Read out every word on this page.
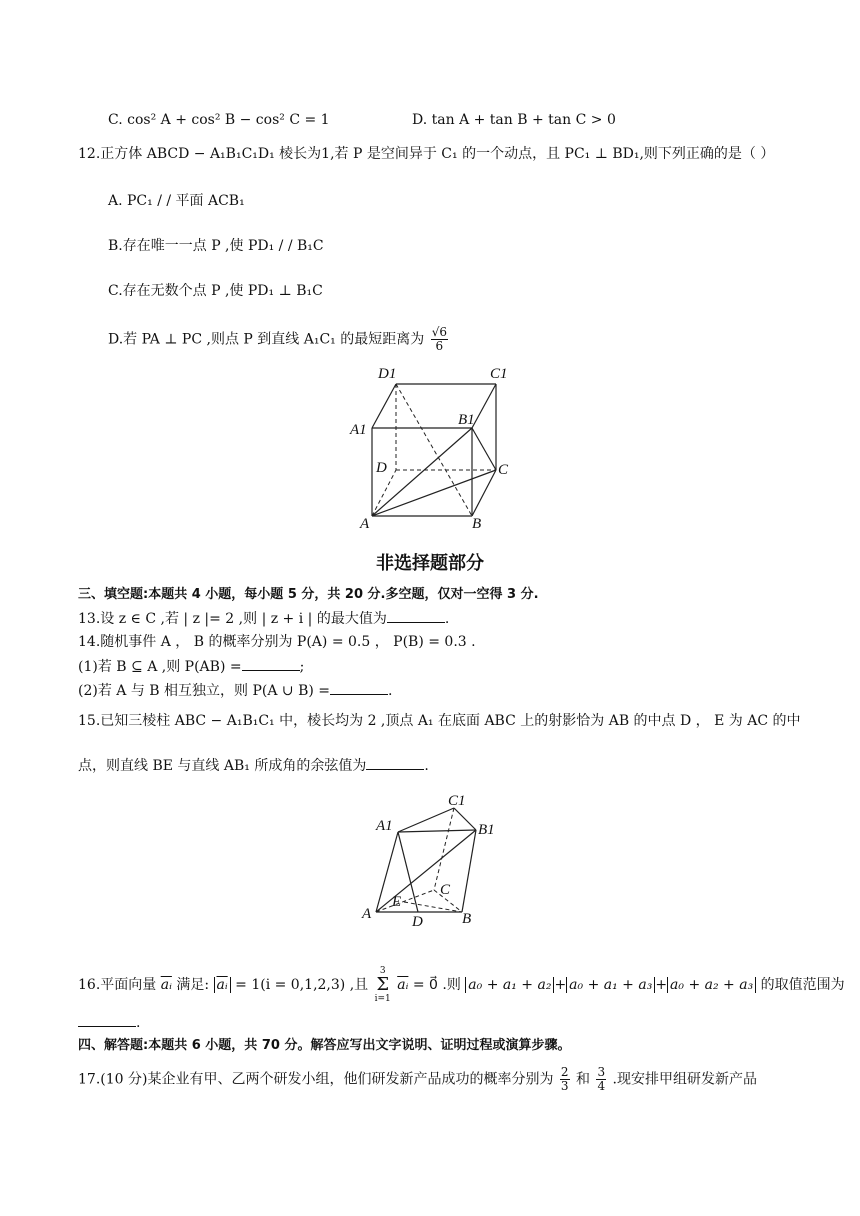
C. cos² A + cos² B − cos² C = 1	D. tan A + tan B + tan C > 0
12.正方体 ABCD − A₁B₁C₁D₁ 棱长为1,若 P 是空间异于 C₁ 的一个动点，且 PC₁ ⊥ BD₁,则下列正确的是（ ）
A. PC₁ / / 平面 ACB₁
B.存在唯一一点 P ,使 PD₁ / / B₁C
C.存在无数个点 P ,使 PD₁ ⊥ B₁C
D.若 PA ⊥ PC ,则点 P 到直线 A₁C₁ 的最短距离为 $\frac{√6}{6}$
D1	C1
A1
B1
D	C
A	B
非选择题部分
三、填空题:本题共 4 小题，每小题 5 分，共 20 分.多空题，仅对一空得 3 分.
13.设 z ∈ C ,若 | z |= 2 ,则 | z + i | 的最大值为	.
14.随机事件 A ， B 的概率分别为 P(A) = 0.5 ， P(B) = 0.3 .
(1)若 B ⊆ A ,则 P(AB) =	;
(2)若 A 与 B 相互独立，则 P(A ∪ B) =	.
15.已知三棱柱 ABC − A₁B₁C₁ 中，棱长均为 2 ,顶点 A₁ 在底面 ABC 上的射影恰为 AB 的中点 D ， E 为 AC 的中
点，则直线 BE 与直线 AB₁ 所成角的余弦值为	.
C1
A1	B1
C
E
A	D	B
16.平面向量 $\overline{aᵢ}$ 满足: $\overline{aᵢ} = 1(i = 0,1,2,3)$ ,且
3
Σ
i=1
$\overline{aᵢ}$ = 0⃗ .则 a₀ + a₁ + a₂ + a₀ + a₁ + a₃ + a₀ + a₂ + a₃ 的取值范围为
.
四、解答题:本题共 6 小题，共 70 分。解答应写出文字说明、证明过程或演算步骤。
17.(10 分)某企业有甲、乙两个研发小组，他们研发新产品成功的概率分别为 $\frac{2}{3}$ 和 $\frac{3}{4}$ .现安排甲组研发新产品
